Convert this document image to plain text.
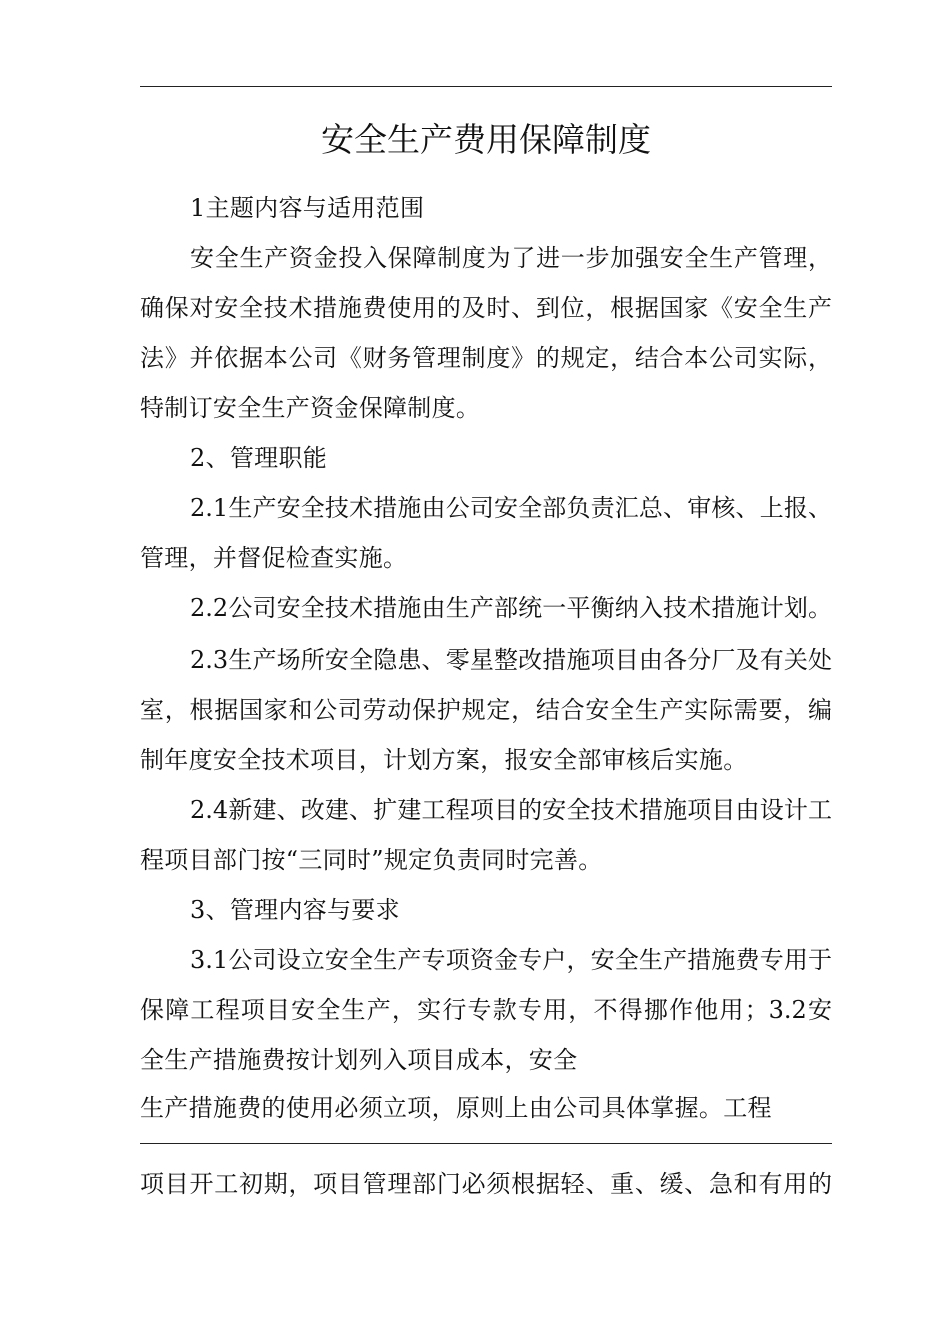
安全生产费用保障制度
1主题内容与适用范围
安全生产资金投入保障制度为了进一步加强安全生产管理，
确保对安全技术措施费使用的及时、到位，根据国家《安全生产
法》并依据本公司《财务管理制度》的规定，结合本公司实际，
特制订安全生产资金保障制度。
2、管理职能
2.1生产安全技术措施由公司安全部负责汇总、审核、上报、
管理，并督促检查实施。
2.2公司安全技术措施由生产部统一平衡纳入技术措施计划。
2.3生产场所安全隐患、零星整改措施项目由各分厂及有关处
室，根据国家和公司劳动保护规定，结合安全生产实际需要，编
制年度安全技术项目，计划方案，报安全部审核后实施。
2.4新建、改建、扩建工程项目的安全技术措施项目由设计工
程项目部门按“三同时”规定负责同时完善。
3、管理内容与要求
3.1公司设立安全生产专项资金专户，安全生产措施费专用于
保障工程项目安全生产，实行专款专用，不得挪作他用；3.2安
全生产措施费按计划列入项目成本，安全
生产措施费的使用必须立项，原则上由公司具体掌握。工程
项目开工初期，项目管理部门必须根据轻、重、缓、急和有用的
